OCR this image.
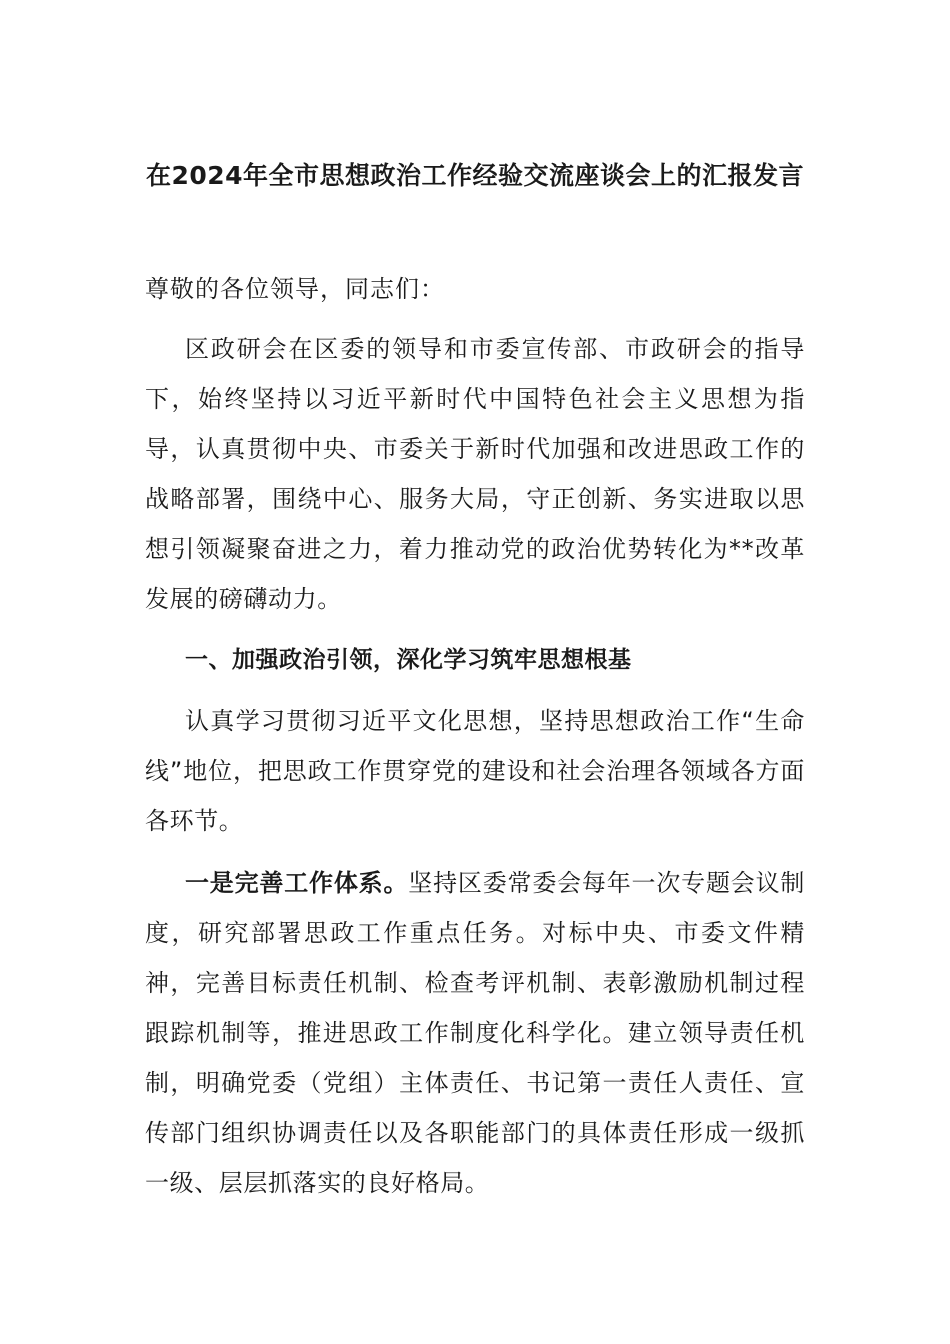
在2024年全市思想政治工作经验交流座谈会上的汇报发言
尊敬的各位领导，同志们：
区政研会在区委的领导和市委宣传部、市政研会的指导下，始终坚持以习近平新时代中国特色社会主义思想为指导，认真贯彻中央、市委关于新时代加强和改进思政工作的战略部署，围绕中心、服务大局，守正创新、务实进取以思想引领凝聚奋进之力，着力推动党的政治优势转化为**改革发展的磅礴动力。
一、加强政治引领，深化学习筑牢思想根基
认真学习贯彻习近平文化思想，坚持思想政治工作“生命线”地位，把思政工作贯穿党的建设和社会治理各领域各方面各环节。
一是完善工作体系。坚持区委常委会每年一次专题会议制度，研究部署思政工作重点任务。对标中央、市委文件精神，完善目标责任机制、检查考评机制、表彰激励机制过程跟踪机制等，推进思政工作制度化科学化。建立领导责任机制，明确党委（党组）主体责任、书记第一责任人责任、宣传部门组织协调责任以及各职能部门的具体责任形成一级抓一级、层层抓落实的良好格局。
